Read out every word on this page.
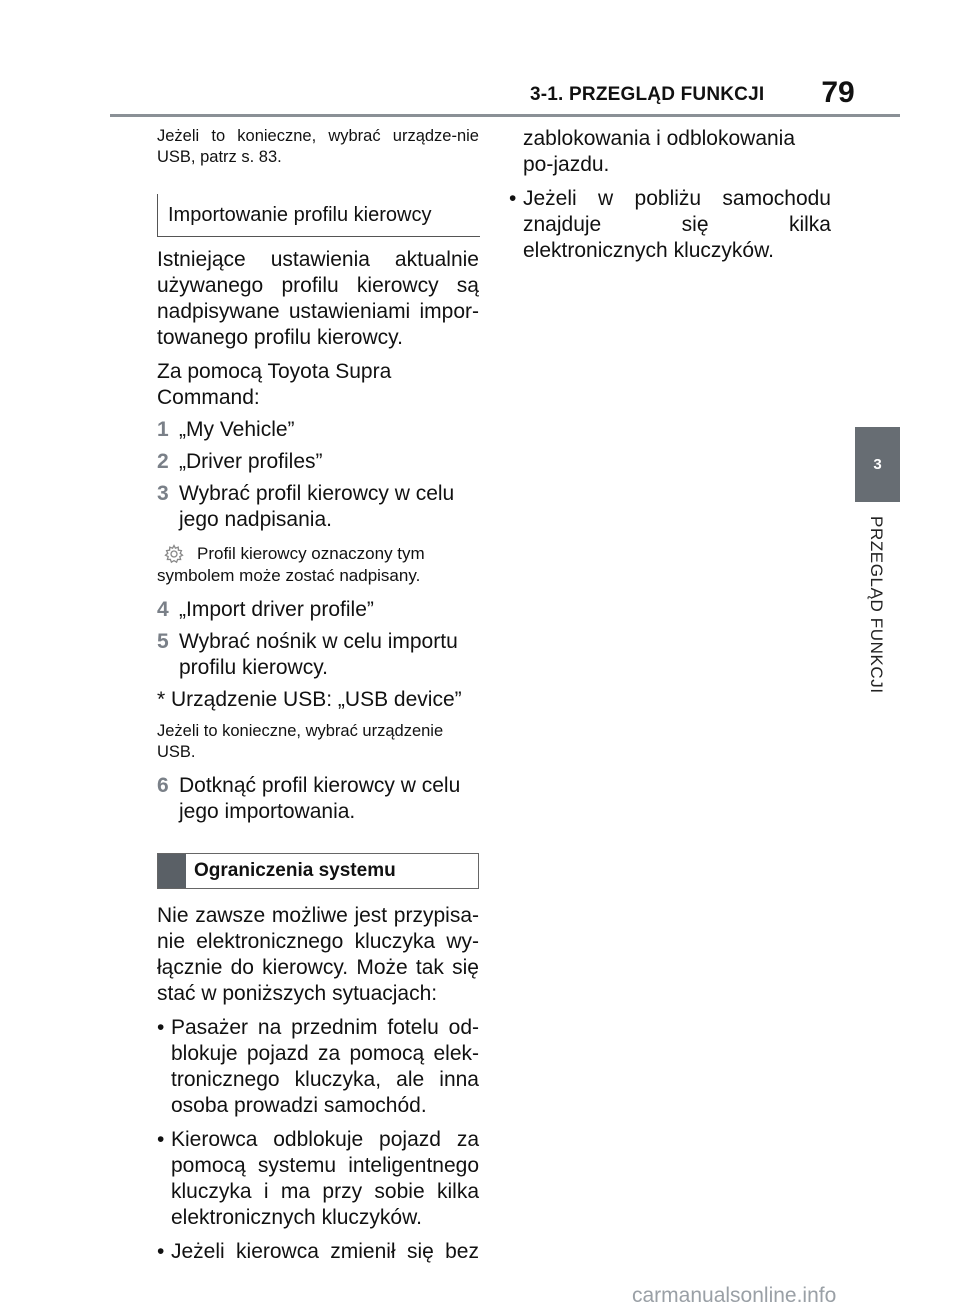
3-1. PRZEGLĄD FUNKCJI	79
3
PRZEGLĄD FUNKCJI

Jeżeli to konieczne, wybrać urządze-nie USB, patrz s. 83.

Importowanie profilu kierowcy

Istniejące ustawienia aktualnie używanego profilu kierowcy są nadpisywane ustawieniami impor-towanego profilu kierowcy.

Za pomocą Toyota Supra Command:

1 „My Vehicle”
2 „Driver profiles”
3 Wybrać profil kierowcy w celu jego nadpisania.
Profil kierowcy oznaczony tym
symbolem może zostać nadpisany.
4 „Import driver profile”
5 Wybrać nośnik w celu importu profilu kierowcy.

* Urządzenie USB: „USB device”

Jeżeli to konieczne, wybrać urządzenie USB.

6 Dotknąć profil kierowcy w celu jego importowania.
Ograniczenia systemu

Nie zawsze możliwe jest przypisa-nie elektronicznego kluczyka wy-łącznie do kierowcy. Może tak się stać w poniższych sytuacjach:

• Pasażer na przednim fotelu od-blokuje pojazd za pomocą elek-tronicznego kluczyka, ale inna osoba prowadzi samochód.
• Kierowca odblokuje pojazd za pomocą systemu inteligentnego kluczyka i ma przy sobie kilka elektronicznych kluczyków.
• Jeżeli kierowca zmienił się bez

zablokowania i odblokowania po-jazdu.

• Jeżeli w pobliżu samochodu znajduje się kilka elektronicznych kluczyków.
carmanualsonline.info
